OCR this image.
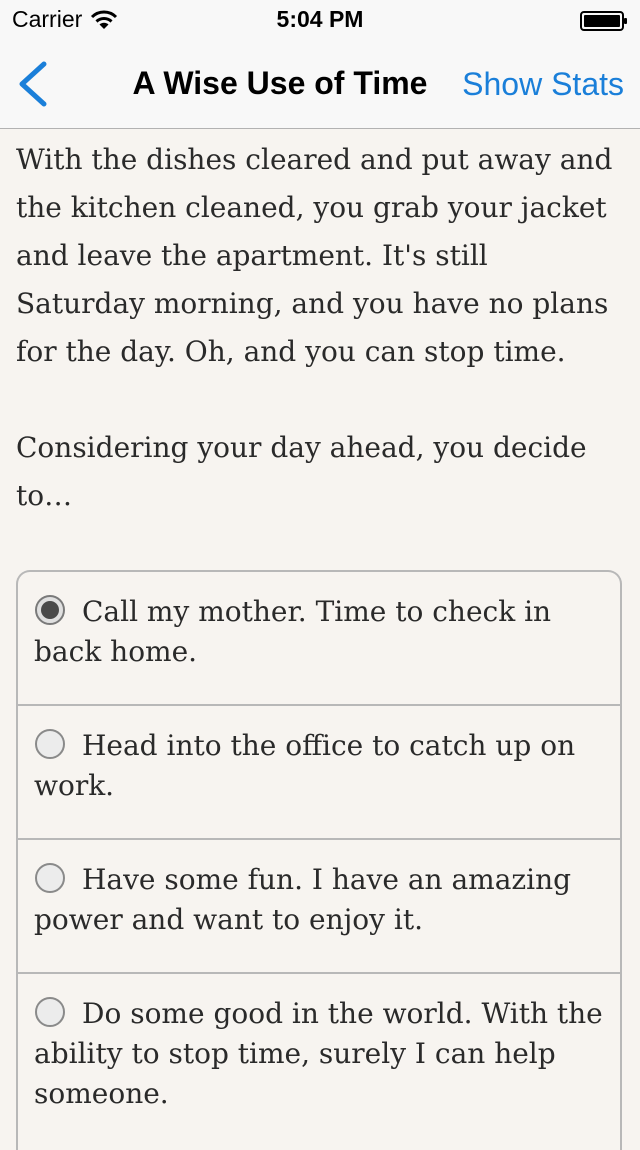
Carrier	5:04 PM
A Wise Use of Time	Show Stats

With the dishes cleared and put away and the kitchen cleaned, you grab your jacket and leave the apartment. It's still Saturday morning, and you have no plans for the day. Oh, and you can stop time.

Considering your day ahead, you decide to…

Call my mother. Time to check in back home.
Head into the office to catch up on work.
Have some fun. I have an amazing power and want to enjoy it.
Do some good in the world. With the ability to stop time, surely I can help someone.
